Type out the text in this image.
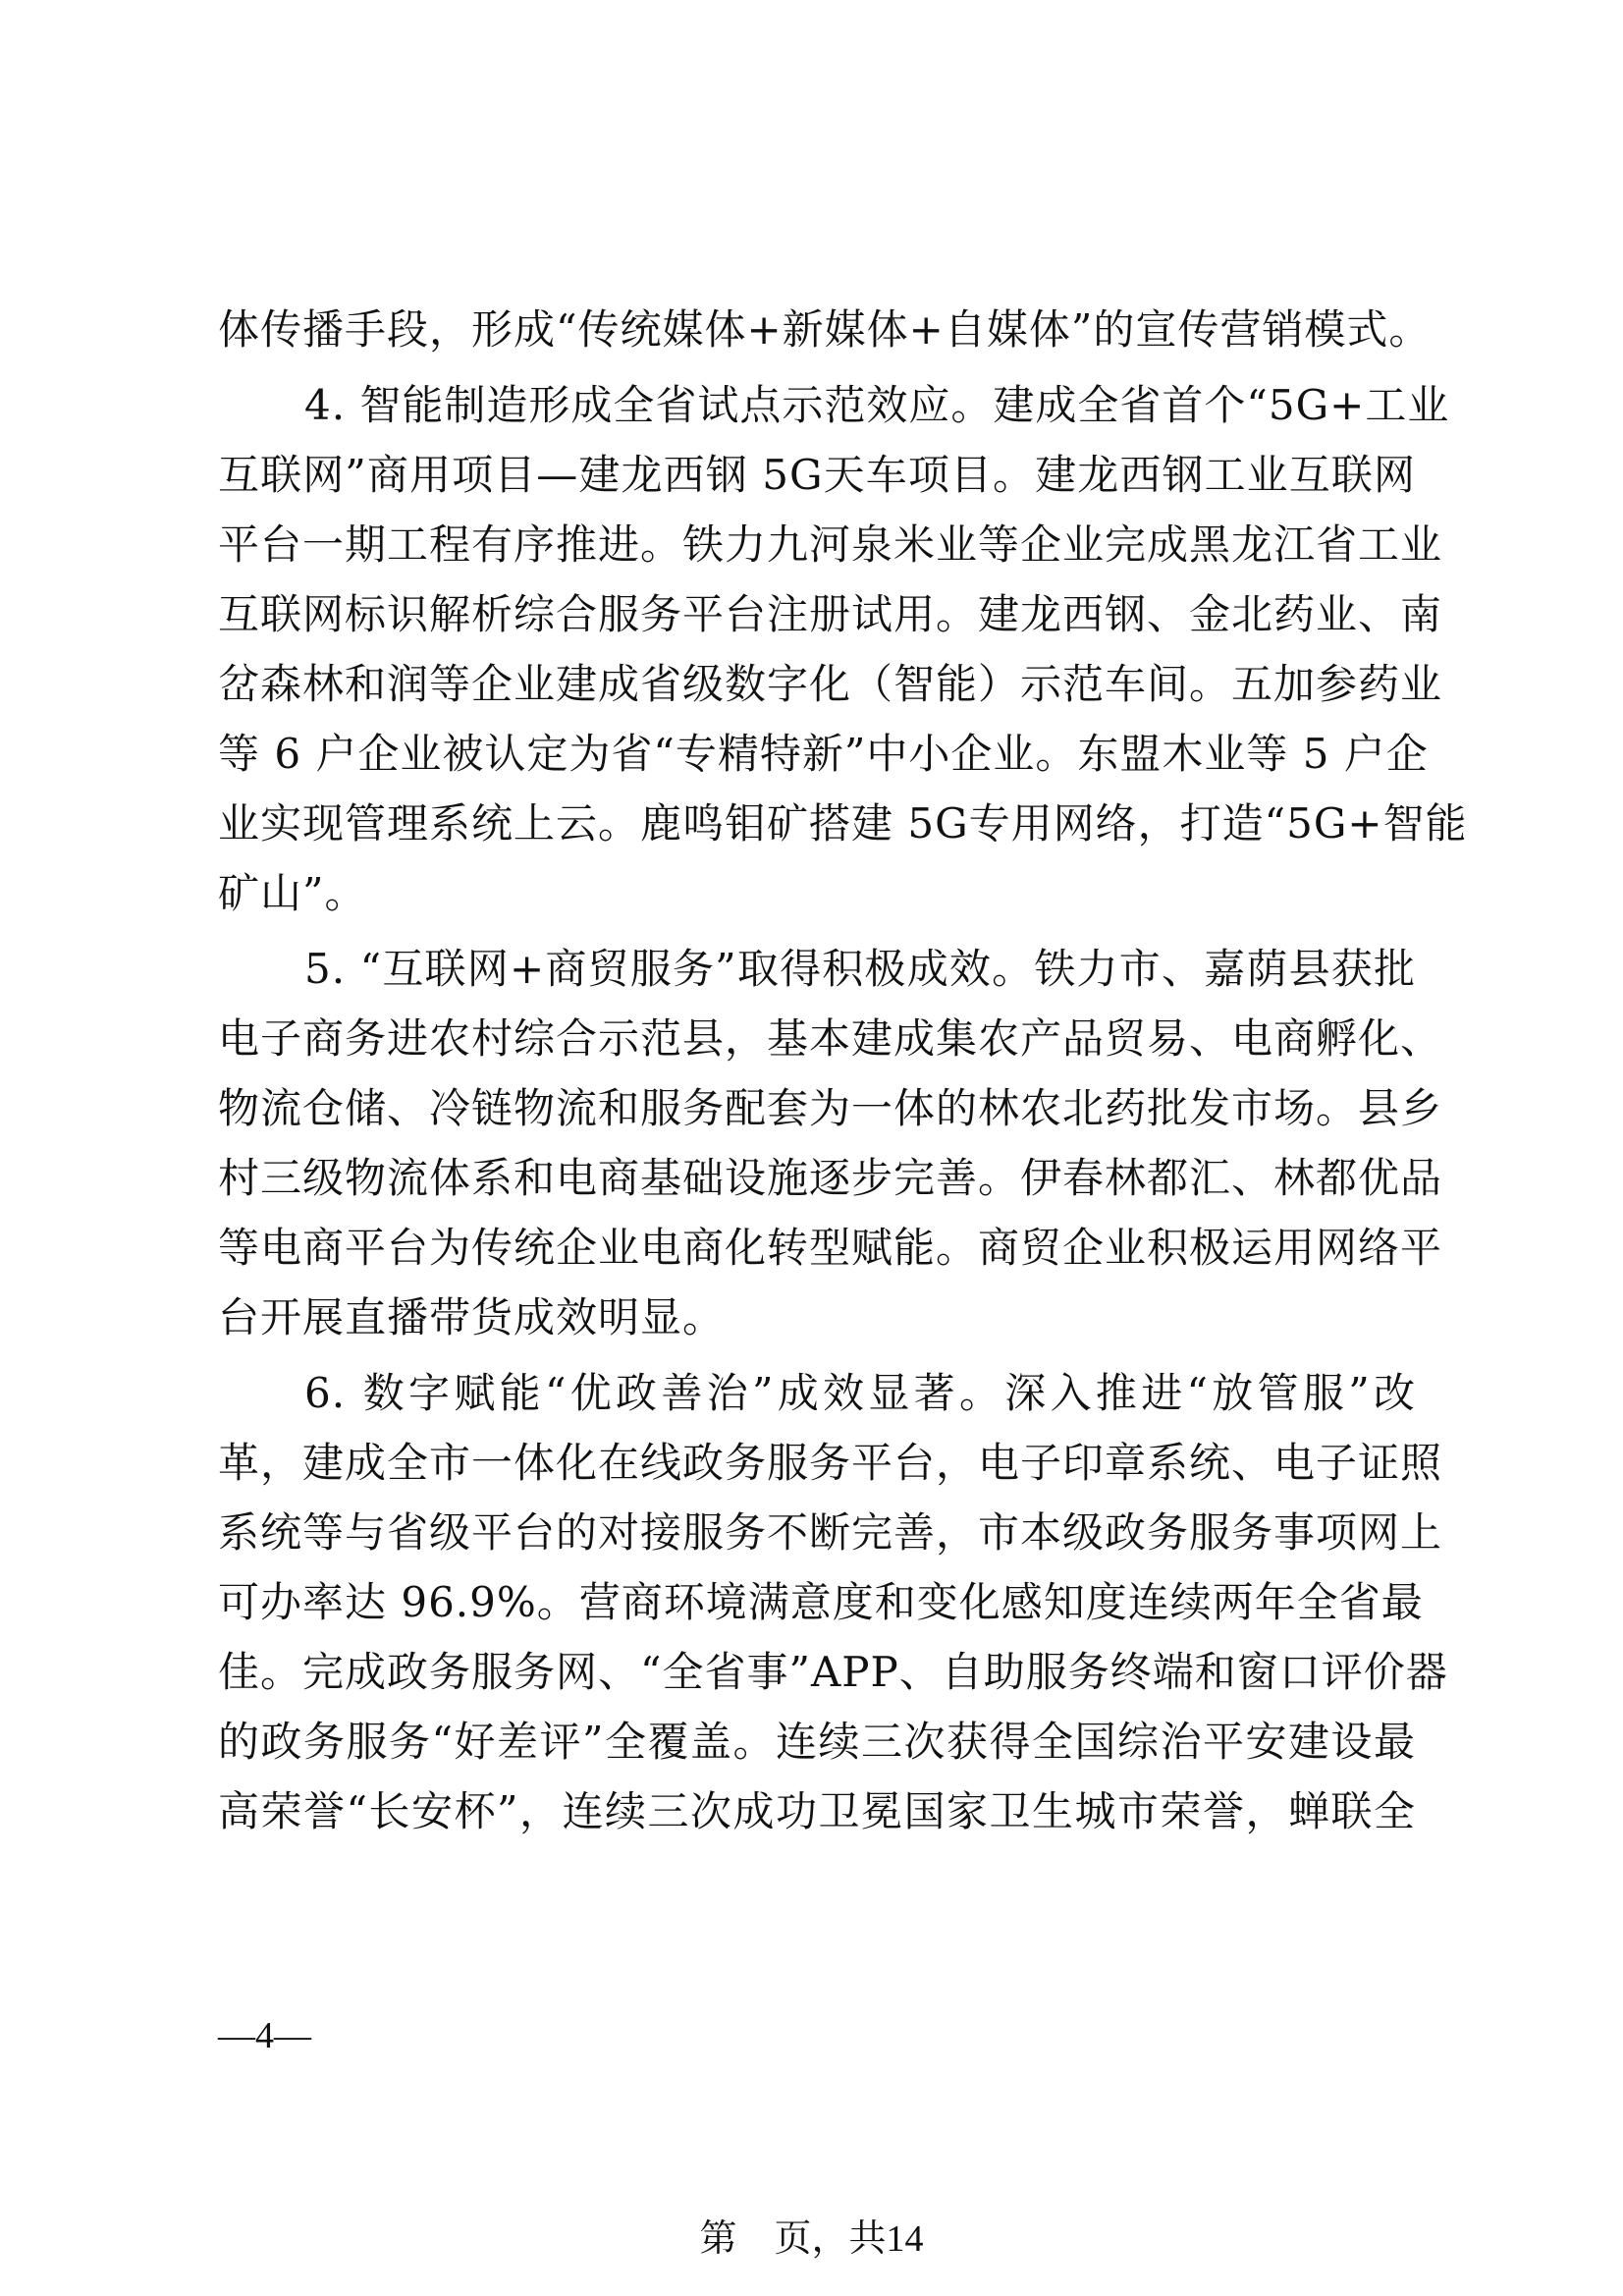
体传播手段，形成“传统媒体+新媒体+自媒体”的宣传营销模式。
4. 智能制造形成全省试点示范效应。建成全省首个“5G+工业
互联网”商用项目—建龙西钢 5G天车项目。建龙西钢工业互联网
平台一期工程有序推进。铁力九河泉米业等企业完成黑龙江省工业
互联网标识解析综合服务平台注册试用。建龙西钢、金北药业、南
岔森林和润等企业建成省级数字化（智能）示范车间。五加参药业
等 6 户企业被认定为省“专精特新”中小企业。东盟木业等 5 户企
业实现管理系统上云。鹿鸣钼矿搭建 5G专用网络，打造“5G+智能
矿山”。
5. “互联网+商贸服务”取得积极成效。铁力市、嘉荫县获批
电子商务进农村综合示范县，基本建成集农产品贸易、电商孵化、
物流仓储、冷链物流和服务配套为一体的林农北药批发市场。县乡
村三级物流体系和电商基础设施逐步完善。伊春林都汇、林都优品
等电商平台为传统企业电商化转型赋能。商贸企业积极运用网络平
台开展直播带货成效明显。
6. 数字赋能“优政善治”成效显著。深入推进“放管服”改
革，建成全市一体化在线政务服务平台，电子印章系统、电子证照
系统等与省级平台的对接服务不断完善，市本级政务服务事项网上
可办率达 96.9%。营商环境满意度和变化感知度连续两年全省最
佳。完成政务服务网、“全省事”APP、自助服务终端和窗口评价器
的政务服务“好差评”全覆盖。连续三次获得全国综治平安建设最
高荣誉“长安杯”，连续三次成功卫冕国家卫生城市荣誉，蝉联全
—4—
第　页，共14
